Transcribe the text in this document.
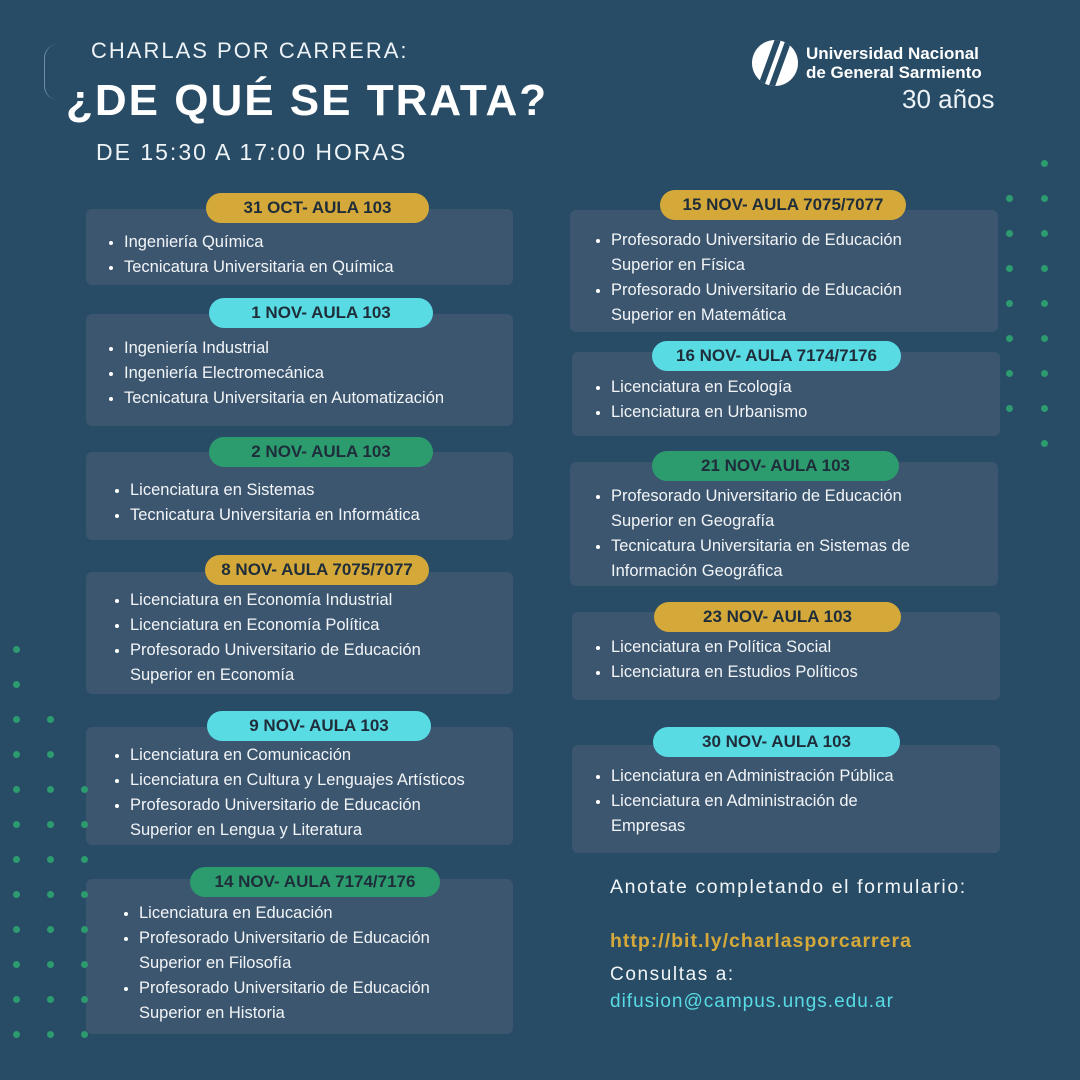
CHARLAS POR CARRERA:
¿DE QUÉ SE TRATA?
DE 15:30 A 17:00 HORAS
Universidad Nacional
de General Sarmiento
30 años
Ingeniería Química
Tecnicatura Universitaria en Química
31 OCT- AULA 103
Ingeniería Industrial
Ingeniería Electromecánica
Tecnicatura Universitaria en Automatización
1 NOV- AULA 103
Licenciatura en Sistemas
Tecnicatura Universitaria en Informática
2 NOV- AULA 103
Licenciatura en Economía Industrial
Licenciatura en Economía Política
Profesorado Universitario de Educación Superior en Economía
8 NOV- AULA 7075/7077
Licenciatura en Comunicación
Licenciatura en Cultura y Lenguajes Artísticos
Profesorado Universitario de Educación Superior en Lengua y Literatura
9 NOV- AULA 103
Licenciatura en Educación
Profesorado Universitario de Educación Superior en Filosofía
Profesorado Universitario de Educación Superior en Historia
14 NOV- AULA 7174/7176
Profesorado Universitario de Educación Superior en Física
Profesorado Universitario de Educación Superior en Matemática
15 NOV- AULA 7075/7077
Licenciatura en Ecología
Licenciatura en Urbanismo
16 NOV- AULA 7174/7176
Profesorado Universitario de Educación Superior en Geografía
Tecnicatura Universitaria en Sistemas de Información Geográfica
21 NOV- AULA 103
Licenciatura en Política Social
Licenciatura en Estudios Políticos
23 NOV- AULA 103
Licenciatura en Administración Pública
Licenciatura en Administración de Empresas
30 NOV- AULA 103
Anotate completando el formulario:
http://bit.ly/charlasporcarrera
Consultas a:
difusion@campus.ungs.edu.ar
